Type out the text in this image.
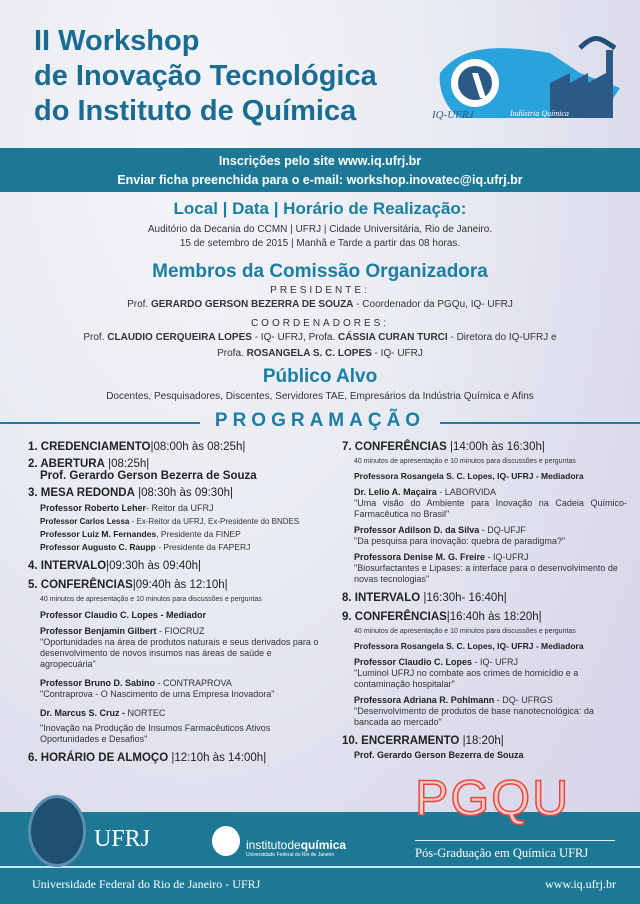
II Workshop
de Inovação Tecnológica
do Instituto de Química	IQ-UFRJ	Indústria Química
Inscrições pelo site www.iq.ufrj.br
Enviar ficha preenchida para o e-mail: workshop.inovatec@iq.ufrj.br
Local | Data | Horário de Realização:
Auditório da Decania do CCMN | UFRJ | Cidade Universitária, Rio de Janeiro.
15 de setembro de 2015 | Manhã e Tarde a partir das 08 horas.
Membros da Comissão Organizadora
PRESIDENTE:
Prof. GERARDO GERSON BEZERRA DE SOUZA - Coordenador da PGQu, IQ- UFRJ
COORDENADORES:
Prof. CLAUDIO CERQUEIRA LOPES - IQ- UFRJ, Profa. CÁSSIA CURAN TURCI - Diretora do IQ-UFRJ e
Profa. ROSANGELA S. C. LOPES - IQ- UFRJ
Público Alvo
Docentes, Pesquisadores, Discentes, Servidores TAE, Empresários da Indústria Química e Afins
PROGRAMAÇÃO
1. CREDENCIAMENTO|08:00h às 08:25h|
2. ABERTURA |08:25h|
Prof. Gerardo Gerson Bezerra de Souza
3. MESA REDONDA |08:30h às 09:30h|
Professor Roberto Leher- Reitor da UFRJ
Professor Carlos Lessa - Ex-Reitor da UFRJ, Ex-Presidente do BNDES
Professor Luiz M. Fernandes, Presidente da FINEP
Professor Augusto C. Raupp - Presidente da FAPERJ
4. INTERVALO|09:30h às 09:40h|
5. CONFERÊNCIAS|09:40h às 12:10h|
40 minutos de apresentação e 10 minutos para discussões e perguntas
Professor Claudio C. Lopes - Mediador
Professor Benjamin Gilbert - FIOCRUZ
"Oportunidades na área de produtos naturais e seus derivados para o desenvolvimento de novos insumos nas áreas de saúde e agropecuária"
Professor Bruno D. Sabino - CONTRAPROVA
"Contraprova - O Nascimento de uma Empresa Inovadora"
Dr. Marcus S. Cruz - NORTEC
"Inovação na Produção de Insumos Farmacêuticos Ativos Oportunidades e Desafios"
6. HORÁRIO DE ALMOÇO |12:10h às 14:00h|
7. CONFERÊNCIAS |14:00h às 16:30h|
40 minutos de apresentação e 10 minutos para discussões e perguntas
Professora Rosangela S. C. Lopes, IQ- UFRJ - Mediadora
Dr. Lelio A. Maçaira - LABORVIDA
"Uma visão do Ambiente para Inovação na Cadeia Químico-Farmacêutica no Brasil"
Professor Adilson D. da Silva - DQ-UFJF
"Da pesquisa para inovação: quebra de paradigma?"
Professora Denise M. G. Freire - IQ-UFRJ
"Biosurfactantes e Lipases: a interface para o desenvolvimento de novas tecnologias"
8. INTERVALO |16:30h- 16:40h|
9. CONFERÊNCIAS|16:40h às 18:20h|
40 minutos de apresentação e 10 minutos para discussões e perguntas
Professora Rosangela S. C. Lopes, IQ- UFRJ - Mediadora
Professor Claudio C. Lopes - IQ- UFRJ
"Luminol UFRJ no combate aos crimes de homicídio e a contaminação hospitalar"
Professora Adriana R. Pohlmann - DQ- UFRGS
"Desenvolvimento de produtos de base nanotecnológica: da bancada ao mercado"
10. ENCERRAMENTO |18:20h|
Prof. Gerardo Gerson Bezerra de Souza
UFRJ	institutodequímica
Universidade Federal do Rio de Janeiro
PGQU
Pós-Graduação em Química UFRJ
Universidade Federal do Rio de Janeiro - UFRJ	www.iq.ufrj.br
